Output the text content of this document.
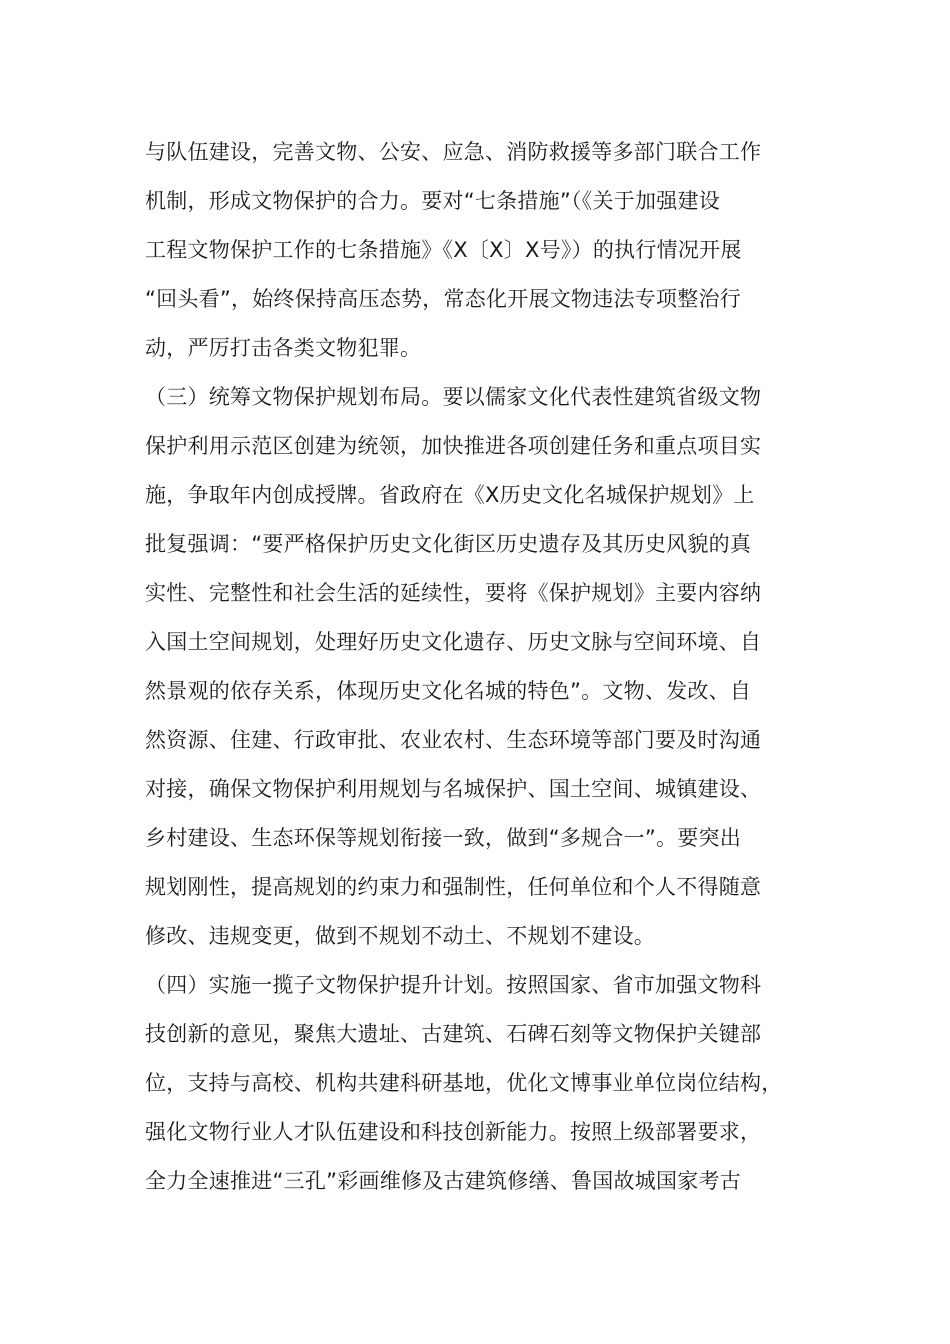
与队伍建设，完善文物、公安、应急、消防救援等多部门联合工作
机制，形成文物保护的合力。要对“七条措施”（《关于加强建设
工程文物保护工作的七条措施》《X〔X〕X号》）的执行情况开展
“回头看”，始终保持高压态势，常态化开展文物违法专项整治行
动，严厉打击各类文物犯罪。
（三）统筹文物保护规划布局。要以儒家文化代表性建筑省级文物
保护利用示范区创建为统领，加快推进各项创建任务和重点项目实
施，争取年内创成授牌。省政府在《X历史文化名城保护规划》上
批复强调：“要严格保护历史文化街区历史遗存及其历史风貌的真
实性、完整性和社会生活的延续性，要将《保护规划》主要内容纳
入国土空间规划，处理好历史文化遗存、历史文脉与空间环境、自
然景观的依存关系，体现历史文化名城的特色”。文物、发改、自
然资源、住建、行政审批、农业农村、生态环境等部门要及时沟通
对接，确保文物保护利用规划与名城保护、国土空间、城镇建设、
乡村建设、生态环保等规划衔接一致，做到“多规合一”。要突出
规划刚性，提高规划的约束力和强制性，任何单位和个人不得随意
修改、违规变更，做到不规划不动土、不规划不建设。
（四）实施一揽子文物保护提升计划。按照国家、省市加强文物科
技创新的意见，聚焦大遗址、古建筑、石碑石刻等文物保护关键部
位，支持与高校、机构共建科研基地，优化文博事业单位岗位结构，
强化文物行业人才队伍建设和科技创新能力。按照上级部署要求，
全力全速推进“三孔”彩画维修及古建筑修缮、鲁国故城国家考古
